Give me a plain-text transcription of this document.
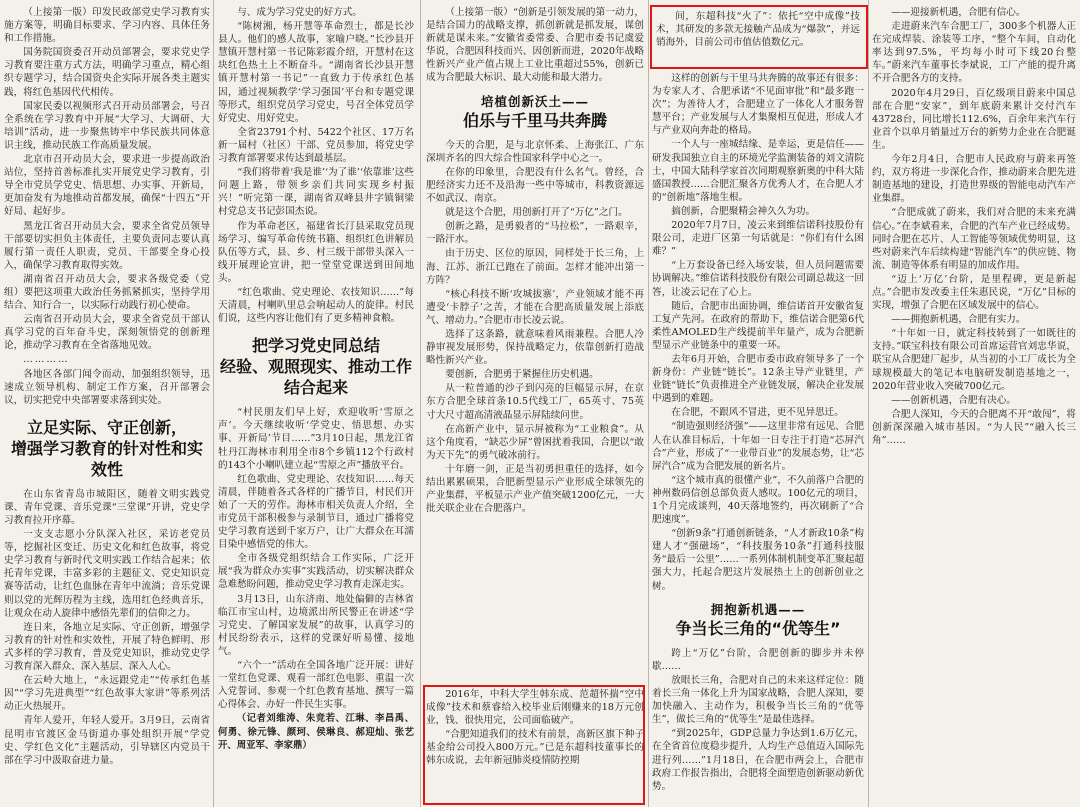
（上接第一版）印发民政部党史学习教育实施方案等，明确目标要求、学习内容、具体任务和工作措施。

国务院国资委召开动员部署会，要求党史学习教育要注重方式方法，明确学习重点，精心组织专题学习，结合国资央企实际开展各类主题实践，将红色基因代代相传。

国家民委以视频形式召开动员部署会，号召全系统在学习教育中开展“大学习、大调研、大培训”活动，进一步聚焦铸牢中华民族共同体意识主线，推动民族工作高质量发展。

北京市召开动员大会，要求进一步提高政治站位，坚持首善标准扎实开展党史学习教育，引导全市党员学党史、悟思想、办实事、开新局，更加奋发有为地推动首都发展，确保“十四五”开好局、起好步。

黑龙江省召开动员大会，要求全省党员领导干部要切实担负主体责任，主要负责同志要认真履行第一责任人职责，党员、干部要全身心投入，确保学习教育取得实效。

湖南省召开动员大会，要求各级党委（党组）要把这项重大政治任务抓紧抓实，坚持学用结合、知行合一，以实际行动践行初心使命。

云南省召开动员大会，要求全省党员干部认真学习党的百年奋斗史，深刻领悟党的创新理论，推动学习教育在全省落地见效。

…………

各地区各部门闻令而动，加强组织领导，迅速成立领导机构、制定工作方案，召开部署会议，切实把党中央部署要求落到实处。

立足实际、守正创新，
增强学习教育的针对性和实效性

在山东省青岛市城阳区，随着文明实践党课、青年党课、音乐党课“三堂课”开讲，党史学习教育拉开序幕。

一支支志愿小分队深入社区，采访老党员等，挖掘社区变迁、历史文化和红色故事，将党史学习教育与新时代文明实践工作结合起来；依托青年党课，丰富多彩的主题征文、党史知识竞赛等活动，让红色血脉在青年中流淌；音乐党课则以党的光辉历程为主线，选用红色经典音乐，让观众在动人旋律中感悟先辈们的信仰之力。

连日来，各地立足实际、守正创新，增强学习教育的针对性和实效性，开展了特色鲜明、形式多样的学习教育，普及党史知识，推动党史学习教育深入群众、深入基层、深入人心。

在云岭大地上，“永远跟党走”“传承红色基因”“学习先进典型”“红色故事大家讲”等系列活动正火热展开。

青年人爱开，年轻人爱开。3月9日，云南省昆明市官渡区金马街道办事处组织开展“学党史、学红色文化”主题活动，引导辖区内党员干部在学习中汲取奋进力量。

与、成为学习党史的好方式。

“陈树湘，杨开慧等革命烈士，都是长沙县人。他们的感人故事，家喻户晓。”长沙县开慧镇开慧村第一书记陈彩霞介绍，开慧村在这块红色热土上不断奋斗。“湖南省长沙县开慧镇开慧村第一书记”一直致力于传承红色基因，通过视频教学‘学习强国’平台和专题党课等形式，组织党员学习党史，号召全体党员学好党史、用好党史。

全省23791个村、5422个社区、17万名新一届村（社区）干部、党员参加，将党史学习教育部署要求传达到最基层。

“我们将带着‘我是谁’‘为了谁’‘依靠谁’这些问题上路，带领乡亲们共同实现乡村振兴！”听完第一课，湖南省双峰县井字镇铜梁村党总支书记彭国杰说。

作为革命老区，福建省长汀县采取党员现场学习、编写革命传统书籍、组织红色讲解员队伍等方式，县、乡、村三级干部带头深入一线开展理论宣讲，把一堂堂党课送到田间地头。

“红色歌曲、党史理论、农技知识……”每天清晨，村喇叭里总会响起动人的旋律。村民们说，这些内容让他们有了更多精神食粮。

把学习党史同总结
经验、观照现实、推动工作
结合起来

“村民朋友们早上好，欢迎收听‘雪原之声’。今天继续收听‘学党史、悟思想、办实事、开新局’节目……”3月10日起，黑龙江省牡丹江海林市利用全市8个乡镇112个行政村的143个小喇叭建立起“雪原之声”播放平台。

红色歌曲、党史理论、农技知识……每天清晨，伴随着各式各样的广播节目，村民们开始了一天的劳作。海林市相关负责人介绍，全市党员干部积极参与录制节目，通过广播将党史学习教育送到千家万户，让广大群众在耳濡目染中感悟党的伟大。

全市各级党组织结合工作实际，广泛开展“我为群众办实事”实践活动，切实解决群众急难愁盼问题，推动党史学习教育走深走实。

3月13日，山东济南、地处偏僻的吉林省临江市宝山村，边境派出所民警正在讲述“学习党史、了解国家发展”的故事，认真学习的村民纷纷表示，这样的党课好听易懂、接地气。

“六个一”活动在全国各地广泛开展：讲好一堂红色党课、观看一部红色电影、重温一次入党誓词、参观一个红色教育基地、撰写一篇心得体会、办好一件民生实事。

（记者刘维涛、朱竞若、江琳、李昌禹、何勇、徐元锋、颜珂、侯琳良、郝迎灿、张艺开、周亚军、李家鼎）

（上接第一版）“创新是引领发展的第一动力，是结合国力的战略支撑，抓创新就是抓发展，谋创新就是谋未来。”安徽省委常委、合肥市委书记虞爱华说，合肥因科技而兴、因创新而进，2020年战略性新兴产业产值占规上工业比重超过55%，创新已成为合肥最大标识、最大动能和最大潜力。

培植创新沃土——
伯乐与千里马共奔腾

今天的合肥，是与北京怀柔、上海张江、广东深圳齐名的四大综合性国家科学中心之一。

在你的印象里，合肥没有什么名气。曾经，合肥经济实力还不及沿海一些中等城市，科教资源远不如武汉、南京。

就是这个合肥，用创新打开了“万亿”之门。

创新之路，是勇毅者的“马拉松”，一路艰辛，一路汗水。

由于历史、区位的原因，同样处于长三角，上海、江苏、浙江已跑在了前面。怎样才能冲出第一方阵？

“核心科技不断‘攻城拔寨’，产业领域才能不再遭受‘卡脖子’之苦，才能在合肥高质量发展上添底气、增动力。”合肥市市长凌云说。

选择了这条路，就意味着风雨兼程。合肥人冷静审视发展形势，保持战略定力，依靠创新打造战略性新兴产业。

要创新，合肥勇于紧握住历史机遇。

从一粒普通的沙子到闪亮的巨幅显示屏，在京东方合肥全球首条10.5代线工厂，65英寸、75英寸大尺寸超高清液晶显示屏陆续问世。

在高新产业中，显示屏被称为“工业粮食”。从这个角度看，“缺芯少屏”曾困扰着我国，合肥以“敢为天下先”的勇气破冰前行。

十年磨一剑，正是当初勇担重任的选择，如今结出累累硕果，合肥新型显示产业形成全球领先的产业集群，平板显示产业产值突破1200亿元，一大批关联企业在合肥落户。

2016年，中科大学生韩东成、范超怀揣“空中成像”技术和蔡睿给入校毕业后刚赚来的18万元创业，钱、很快用完，公司面临破产。

“合肥知道我们的技术有前景，高新区旗下种子基金给公司投入800万元。”已是东超科技董事长的韩东成说，去年新冠肺炎疫情防控期

间，东超科技“火了”：依托“空中成像”技术，其研发的多款无接触产品成为“爆款”，并远销海外，目前公司市值估值数亿元。

这样的创新与干里马共奔腾的故事还有很多：为专家人才、合肥承诺“不见面审批”和“最多跑一次”；为善待人才，合肥建立了一体化人才服务智慧平台；产业发展与人才集聚相互促进，形成人才与产业双向奔赴的格局。

一个人与一座城结缘、是幸运，更是信任——研发我国独立自主的环境光学监测装备的刘文清院士，中国大陆科学家首次同期观察新奥的中科大陆盛国教授……合肥汇聚各方优秀人才，在合肥人才的“创新地”落地生根。

搞创新，合肥聚精会神久久为功。

2020年7月7日，凌云来到维信诺科技股份有限公司，走进厂区第一句话就是：“你们有什么困难？”

“上万套设备已经入场安装，但人员问题需要协调解决。”维信诺科技股份有限公司副总裁这一回答，让凌云记在了心上。

随后，合肥市出面协调，维信诺首开安徽省复工复产先河。在政府的帮助下，维信诺合肥第6代柔性AMOLED生产线提前半年量产，成为合肥新型显示产业链条中的重要一环。

去年6月开始，合肥市委市政府领导多了一个新身份：产业链“链长”。12条主导产业链里，产业链“链长”负责推进全产业链发展，解决企业发展中遇到的难题。

在合肥，不跟风不冒进，更不见异思迁。

“制造强则经济强”——这里非常有远见、合肥人在认准目标后，十年如一日专注于打造“芯屏汽合”产业，形成了“一业带百业”的发展态势，让“芯屏汽合”成为合肥发展的新名片。

“这个城市真的很懂产业”，不久前落户合肥的神州数码信创总部负责人感叹。100亿元的项目，1个月完成谈判，40天落地签约，再次刷新了“合肥速度”。

“创新9条”打通创新链条，“人才新政10条”构建人才“强磁场”，“科技服务10条”打通科技服务“最后一公里”……一系列体制机制变革汇聚起超强大力，托起合肥这片发展热土上的创新创业之树。

拥抱新机遇——
争当长三角的“优等生”

跨上“万亿”台阶，合肥创新的脚步并未停歇……

放眼长三角，合肥对自己的未来这样定位：随着长三角一体化上升为国家战略，合肥人深知，要加快融入、主动作为，积极争当长三角的“优等生”，做长三角的“优等生”是最佳选择。

“到2025年，GDP总量力争达到1.6万亿元，在全省首位度稳步提升，人均生产总值迈入国际先进行列……”1月18日，在合肥市两会上，合肥市政府工作报告指出，合肥将全面塑造创新驱动新优势。

——迎接新机遇，合肥有信心。

走进蔚来汽车合肥工厂，300多个机器人正在完成焊装、涂装等工序，“整个车间，自动化率达到97.5%，平均每小时可下线20台整车。”蔚来汽车董事长李斌说，工厂产能的提升离不开合肥各方的支持。

2020年4月29日，百亿级项目蔚来中国总部在合肥“安家”，到年底蔚来累计交付汽车43728台，同比增长112.6%，百余年来汽车行业首个以单月销量过万台的新势力企业在合肥诞生。

今年2月4日，合肥市人民政府与蔚来再签约，双方将进一步深化合作，推动蔚来合肥先进制造基地的建设，打造世界级的智能电动汽车产业集群。

“合肥成就了蔚来，我们对合肥的未来充满信心。”在李斌看来，合肥的汽车产业已经成势。同时合肥在芯片、人工智能等领域优势明显，这些对蔚来汽车后续构建“智能汽车”的供应链、物流、制造等体系有明显的加成作用。

“迈上‘万亿’台阶，是里程碑，更是新起点。”合肥市发改委主任朱惠民说，“万亿”目标的实现，增强了合肥在区域发展中的信心。

——拥抱新机遇，合肥有实力。

“十年如一日，就定科技转到了一如既往的支持。”联宝科技有限公司首席运营官刘忠华说，联宝从合肥建厂起步，从当初的小工厂成长为全球规模最大的笔记本电脑研发制造基地之一，2020年营业收入突破700亿元。

——创新机遇，合肥有决心。

合肥人深知，今天的合肥离不开“敢闯”，将创新深深融入城市基因。“为人民”“融入长三角”……
